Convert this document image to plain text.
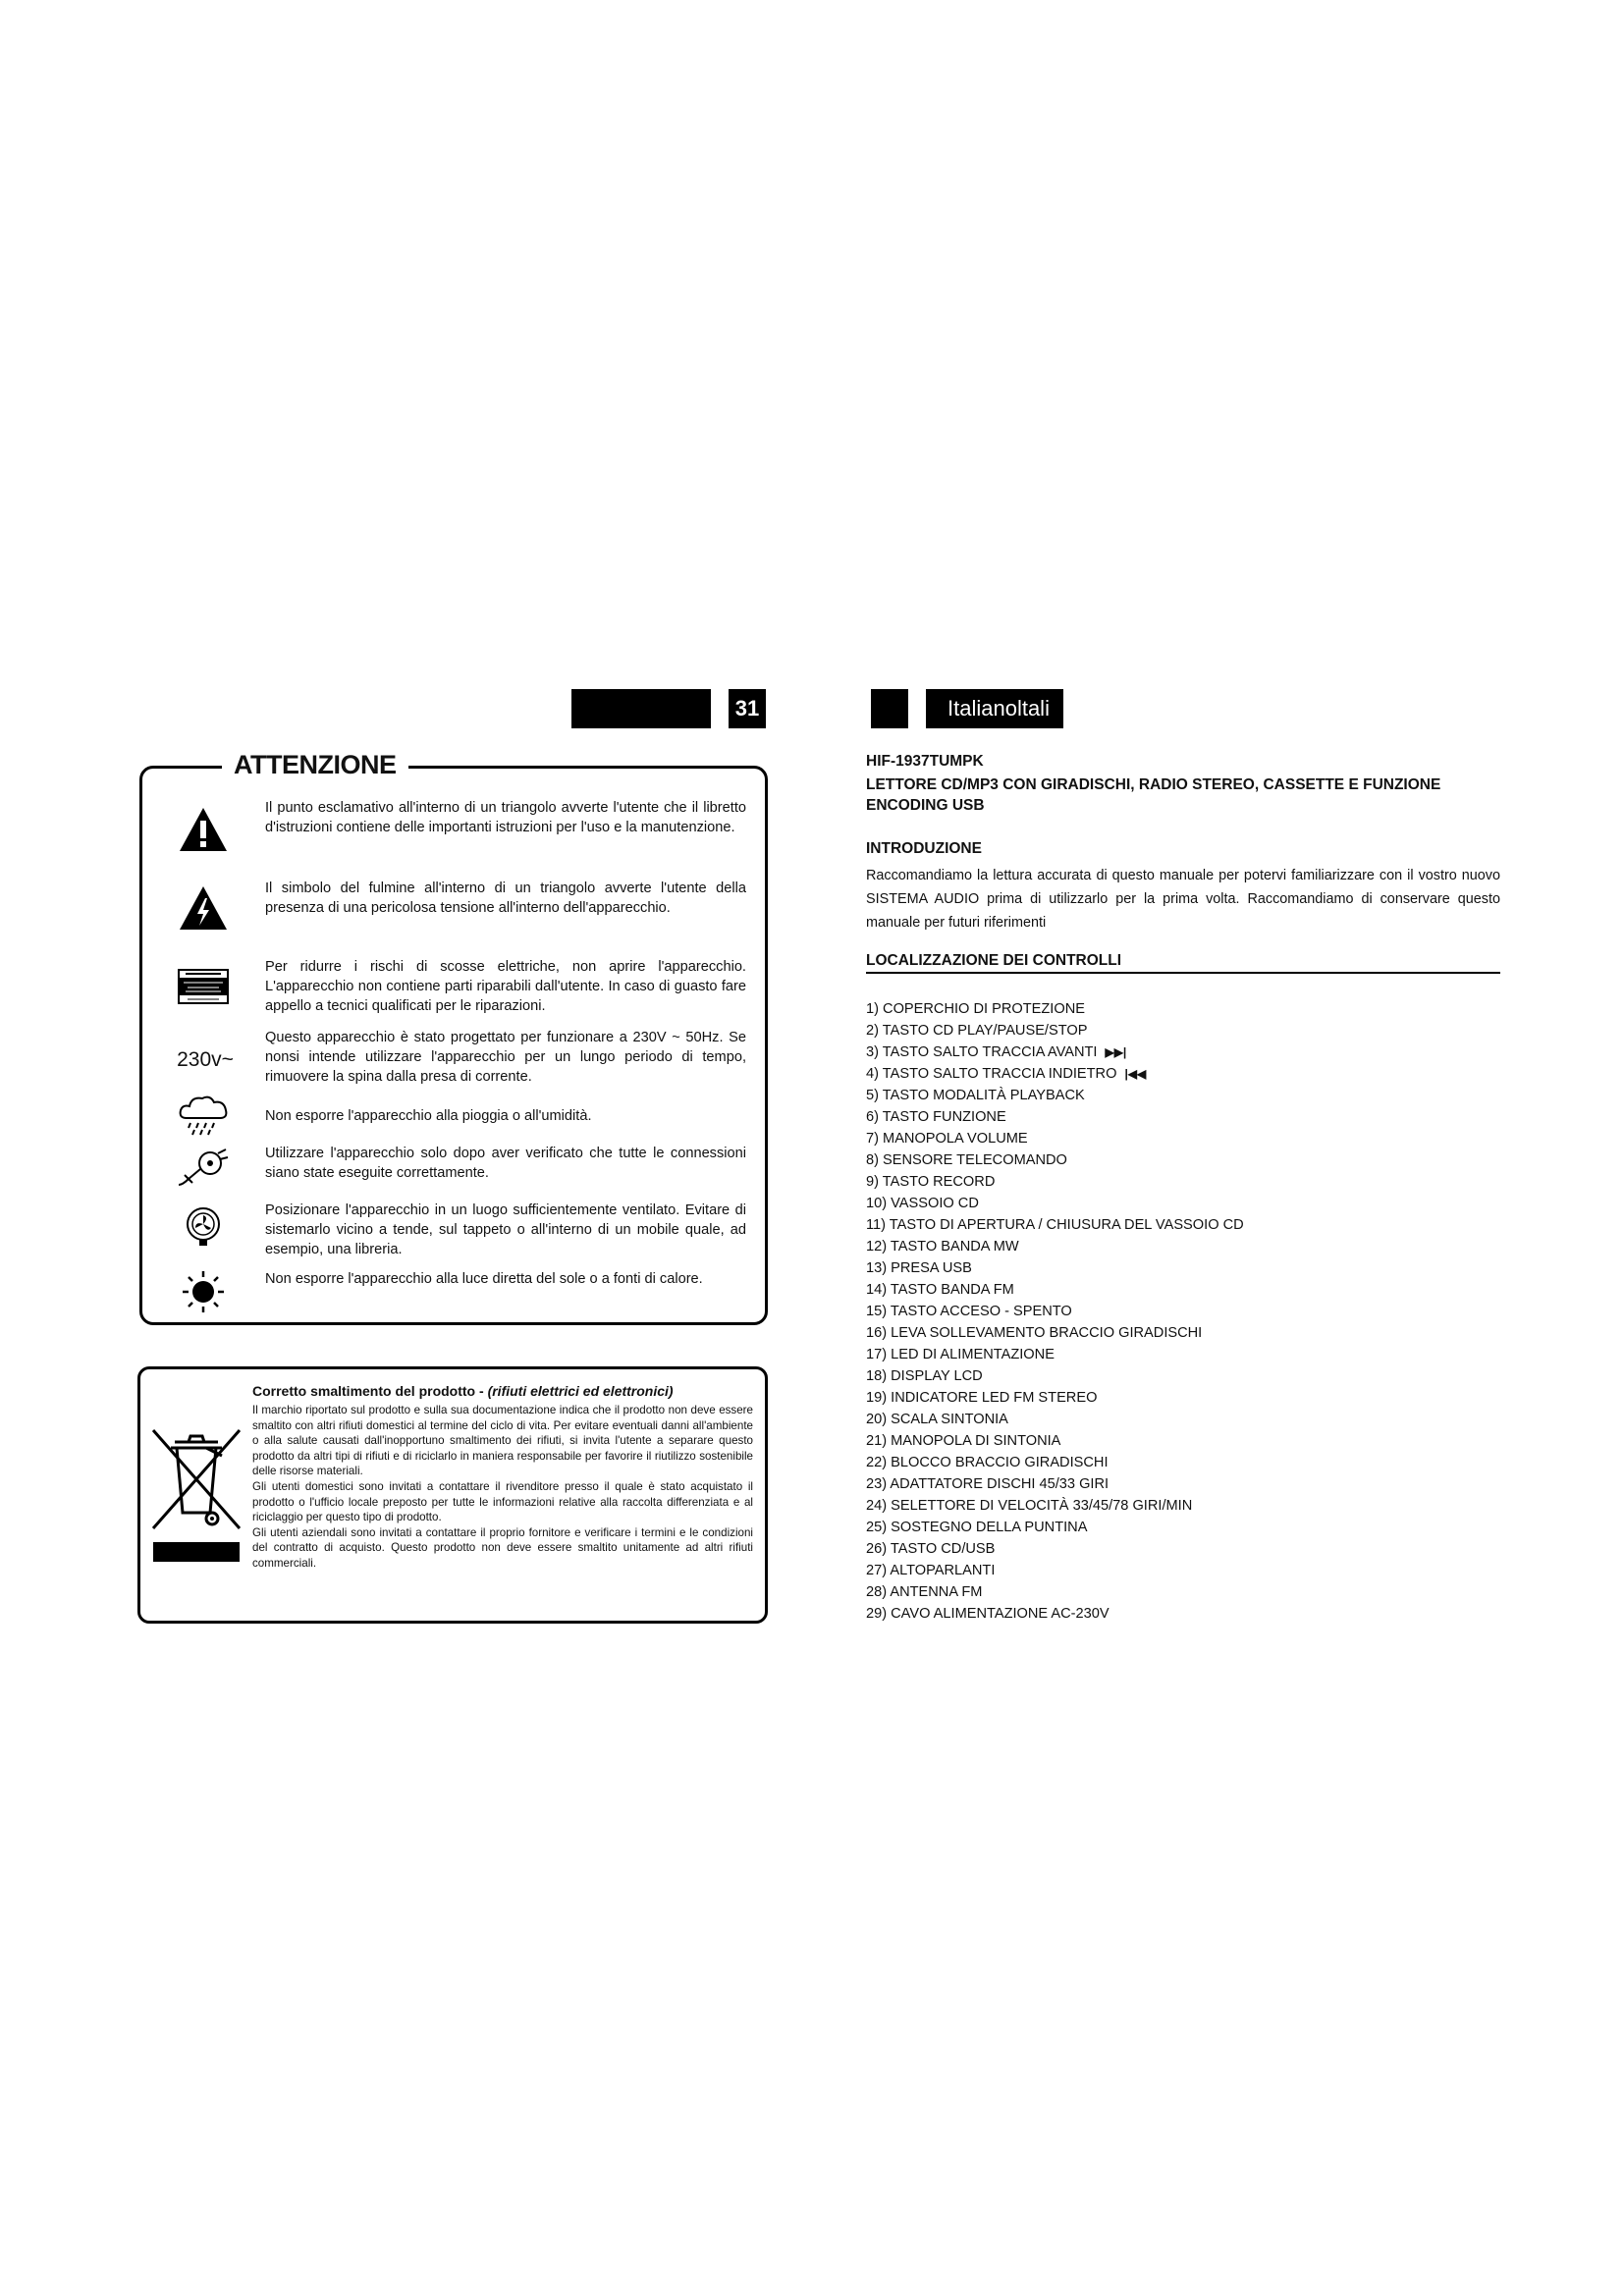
31	Italianoltali
Il punto esclamativo all'interno di un triangolo avverte l'utente che il libretto d'istruzioni contiene delle importanti istruzioni per l'uso e la manutenzione.
Il simbolo del fulmine all'interno di un triangolo avverte l'utente della presenza di una pericolosa tensione all'interno dell'apparecchio.
Per ridurre i rischi di scosse elettriche, non aprire l'apparecchio. L'apparecchio non contiene parti riparabili dall'utente. In caso di guasto fare appello a tecnici qualificati per le riparazioni.
230v~
Questo apparecchio è stato progettato per funzionare a 230V ~ 50Hz. Se nonsi intende utilizzare l'apparecchio per un lungo periodo di tempo, rimuovere la spina dalla presa di corrente.
Non esporre l'apparecchio alla pioggia o all'umidità.
Utilizzare l'apparecchio solo dopo aver verificato che tutte le connessioni siano state eseguite correttamente.
Posizionare l'apparecchio in un luogo sufficientemente ventilato. Evitare di sistemarlo vicino a tende, sul tappeto o all'interno di un mobile quale, ad esempio, una libreria.
Non esporre l'apparecchio alla luce diretta del sole o a fonti di calore.
ATTENZIONE
Corretto smaltimento del prodotto - (rifiuti elettrici ed elettronici)

Il marchio riportato sul prodotto e sulla sua documentazione indica che il prodotto non deve essere smaltito con altri rifiuti domestici al termine del ciclo di vita. Per evitare eventuali danni all'ambiente o alla salute causati dall'inopportuno smaltimento dei rifiuti, si invita l'utente a separare questo prodotto da altri tipi di rifiuti e di riciclarlo in maniera responsabile per favorire il riutilizzo sostenibile delle risorse materiali.

Gli utenti domestici sono invitati a contattare il rivenditore presso il quale è stato acquistato il prodotto o l'ufficio locale preposto per tutte le informazioni relative alla raccolta differenziata e al riciclaggio per questo tipo di prodotto.

Gli utenti aziendali sono invitati a contattare il proprio fornitore e verificare i termini e le condizioni del contratto di acquisto. Questo prodotto non deve essere smaltito unitamente ad altri rifiuti commerciali.

HIF-1937TUMPK
LETTORE CD/MP3 CON GIRADISCHI, RADIO STEREO, CASSETTE E FUNZIONE ENCODING USB
INTRODUZIONE
Raccomandiamo la lettura accurata di questo manuale per potervi familiarizzare con il vostro nuovo SISTEMA AUDIO prima di utilizzarlo per la prima volta. Raccomandiamo di conservare questo manuale per futuri riferimenti
LOCALIZZAZIONE DEI CONTROLLI
1) COPERCHIO DI PROTEZIONE
2) TASTO CD PLAY/PAUSE/STOP
3) TASTO SALTO TRACCIA AVANTI ▶▶|
4) TASTO SALTO TRACCIA INDIETRO |◀◀
5) TASTO MODALITÀ PLAYBACK
6) TASTO FUNZIONE
7) MANOPOLA VOLUME
8) SENSORE TELECOMANDO
9) TASTO RECORD
10) VASSOIO CD
11) TASTO DI APERTURA / CHIUSURA DEL VASSOIO CD
12) TASTO BANDA MW
13) PRESA USB
14) TASTO BANDA FM
15) TASTO ACCESO - SPENTO
16) LEVA SOLLEVAMENTO BRACCIO GIRADISCHI
17) LED DI ALIMENTAZIONE
18) DISPLAY LCD
19) INDICATORE LED FM STEREO
20) SCALA SINTONIA
21) MANOPOLA DI SINTONIA
22) BLOCCO BRACCIO GIRADISCHI
23) ADATTATORE DISCHI 45/33 GIRI
24) SELETTORE DI VELOCITÀ 33/45/78 GIRI/MIN
25) SOSTEGNO DELLA PUNTINA
26) TASTO CD/USB
27) ALTOPARLANTI
28) ANTENNA FM
29) CAVO ALIMENTAZIONE AC-230V
